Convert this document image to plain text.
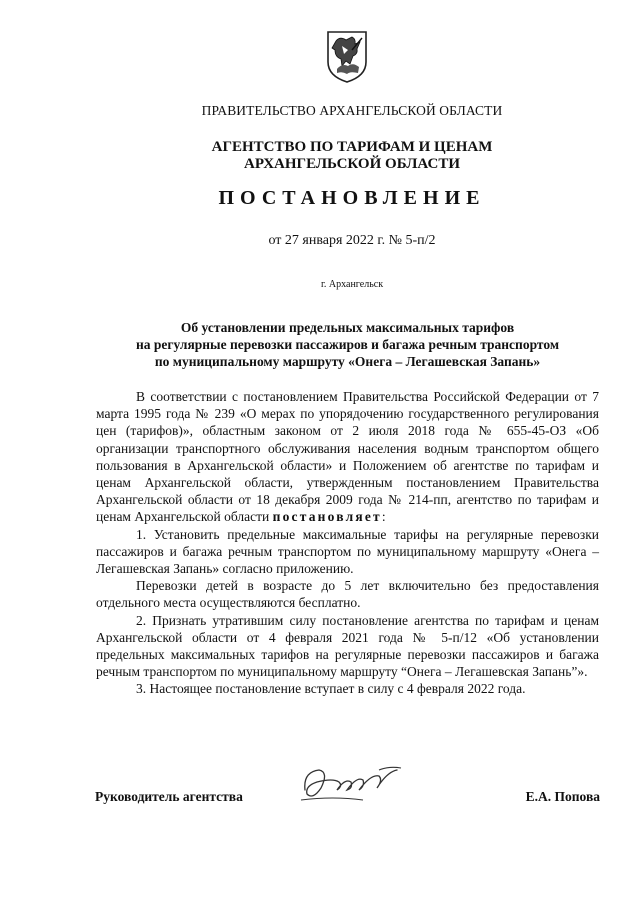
ПРАВИТЕЛЬСТВО АРХАНГЕЛЬСКОЙ ОБЛАСТИ
АГЕНТСТВО ПО ТАРИФАМ И ЦЕНАМ
АРХАНГЕЛЬСКОЙ ОБЛАСТИ
ПОСТАНОВЛЕНИЕ
от 27 января 2022 г. № 5-п/2
г. Архангельск
Об установлении предельных максимальных тарифов
на регулярные перевозки пассажиров и багажа речным транспортом
по муниципальному маршруту «Онега – Легашевская Запань»

В соответствии с постановлением Правительства Российской Федерации от 7 марта 1995 года № 239 «О мерах по упорядочению государственного регулирования цен (тарифов)», областным законом от 2 июля 2018 года № 655-45-ОЗ «Об организации транспортного обслуживания населения водным транспортом общего пользования в Архангельской области» и Положением об агентстве по тарифам и ценам Архангельской области, утвержденным постановлением Правительства Архангельской области от 18 декабря 2009 года № 214-пп, агентство по тарифам и ценам Архангельской области постановляет:

1. Установить предельные максимальные тарифы на регулярные перевозки пассажиров и багажа речным транспортом по муниципальному маршруту «Онега – Легашевская Запань» согласно приложению.

Перевозки детей в возрасте до 5 лет включительно без предоставления отдельного места осуществляются бесплатно.

2. Признать утратившим силу постановление агентства по тарифам и ценам Архангельской области от 4 февраля 2021 года № 5-п/12 «Об установлении предельных максимальных тарифов на регулярные перевозки пассажиров и багажа речным транспортом по муниципальному маршруту “Онега – Легашевская Запань”».

3. Настоящее постановление вступает в силу с 4 февраля 2022 года.

Руководитель агентства	Е.А. Попова
